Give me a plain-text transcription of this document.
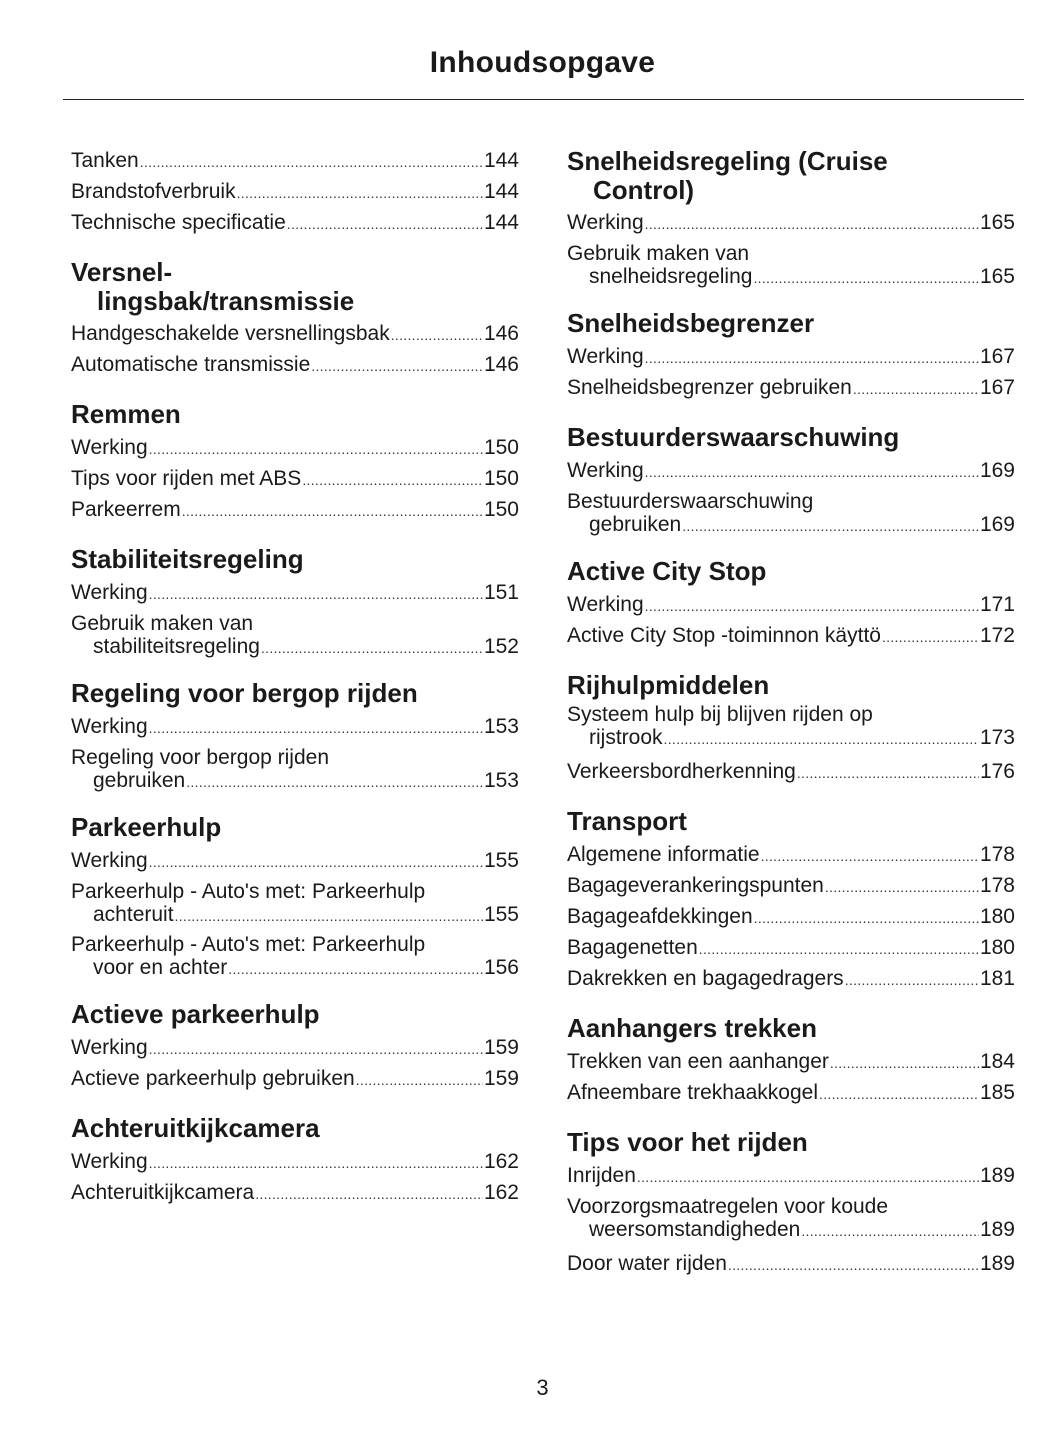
Inhoudsopgave
Tanken .....	144
Brandstofverbruik .....	144
Technische specificatie .....	144
Versnel-
lingsbak/transmissie
Handgeschakelde versnellingsbak .....	146
Automatische transmissie .....	146
Remmen
Werking .....	150
Tips voor rijden met ABS .....	150
Parkeerrem .....	150
Stabiliteitsregeling
Werking .....	151
Gebruik maken van
stabiliteitsregeling .....	152
Regeling voor bergop rijden
Werking .....	153
Regeling voor bergop rijden
gebruiken .....	153
Parkeerhulp
Werking .....	155
Parkeerhulp - Auto's met: Parkeerhulp
achteruit .....	155
Parkeerhulp - Auto's met: Parkeerhulp
voor en achter .....	156
Actieve parkeerhulp
Werking .....	159
Actieve parkeerhulp gebruiken .....	159
Achteruitkijkcamera
Werking .....	162
Achteruitkijkcamera .....	162
Snelheidsregeling (Cruise
Control)
Werking .....	165
Gebruik maken van
snelheidsregeling .....	165
Snelheidsbegrenzer
Werking .....	167
Snelheidsbegrenzer gebruiken .....	167
Bestuurderswaarschuwing
Werking .....	169
Bestuurderswaarschuwing
gebruiken .....	169
Active City Stop
Werking .....	171
Active City Stop -toiminnon käyttö .....	172
Rijhulpmiddelen
Systeem hulp bij blijven rijden op
rijstrook .....	173
Verkeersbordherkenning .....	176
Transport
Algemene informatie .....	178
Bagageverankeringspunten .....	178
Bagageafdekkingen .....	180
Bagagenetten .....	180
Dakrekken en bagagedragers .....	181
Aanhangers trekken
Trekken van een aanhanger .....	184
Afneembare trekhaakkogel .....	185
Tips voor het rijden
Inrijden .....	189
Voorzorgsmaatregelen voor koude
weersomstandigheden .....	189
Door water rijden .....	189
3
